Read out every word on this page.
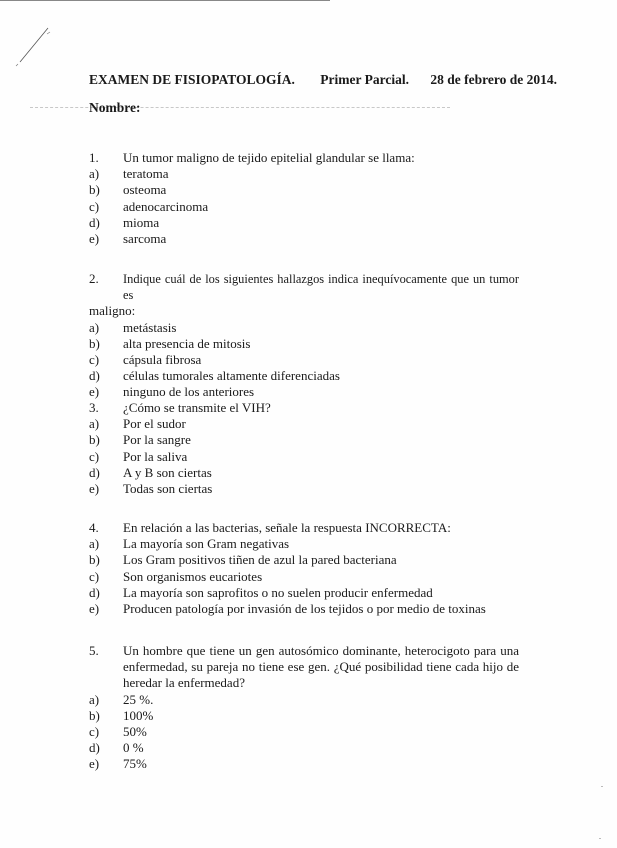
EXAMEN DE FISIOPATOLOGÍA. Primer Parcial. 28 de febrero de 2014.
Nombre:
1.	Un tumor maligno de tejido epitelial glandular se llama:
a)	teratoma
b)	osteoma
c)	adenocarcinoma
d)	mioma
e)	sarcoma
2.	Indique cuál de los siguientes hallazgos indica inequívocamente que un tumor es
maligno:
a)	metástasis
b)	alta presencia de mitosis
c)	cápsula fibrosa
d)	células tumorales altamente diferenciadas
e)	ninguno de los anteriores
3.	¿Cómo se transmite el VIH?
a)	Por el sudor
b)	Por la sangre
c)	Por la saliva
d)	A y B son ciertas
e)	Todas son ciertas
4.	En relación a las bacterias, señale la respuesta INCORRECTA:
a)	La mayoría son Gram negativas
b)	Los Gram positivos tiñen de azul la pared bacteriana
c)	Son organismos eucariotes
d)	La mayoría son saprofitos o no suelen producir enfermedad
e)	Producen patología por invasión de los tejidos o por medio de toxinas
5.	Un hombre que tiene un gen autosómico dominante, heterocigoto para una enfermedad, su pareja no tiene ese gen. ¿Qué posibilidad tiene cada hijo de heredar la enfermedad?
a)	25 %.
b)	100%
c)	50%
d)	0 %
e)	75%
